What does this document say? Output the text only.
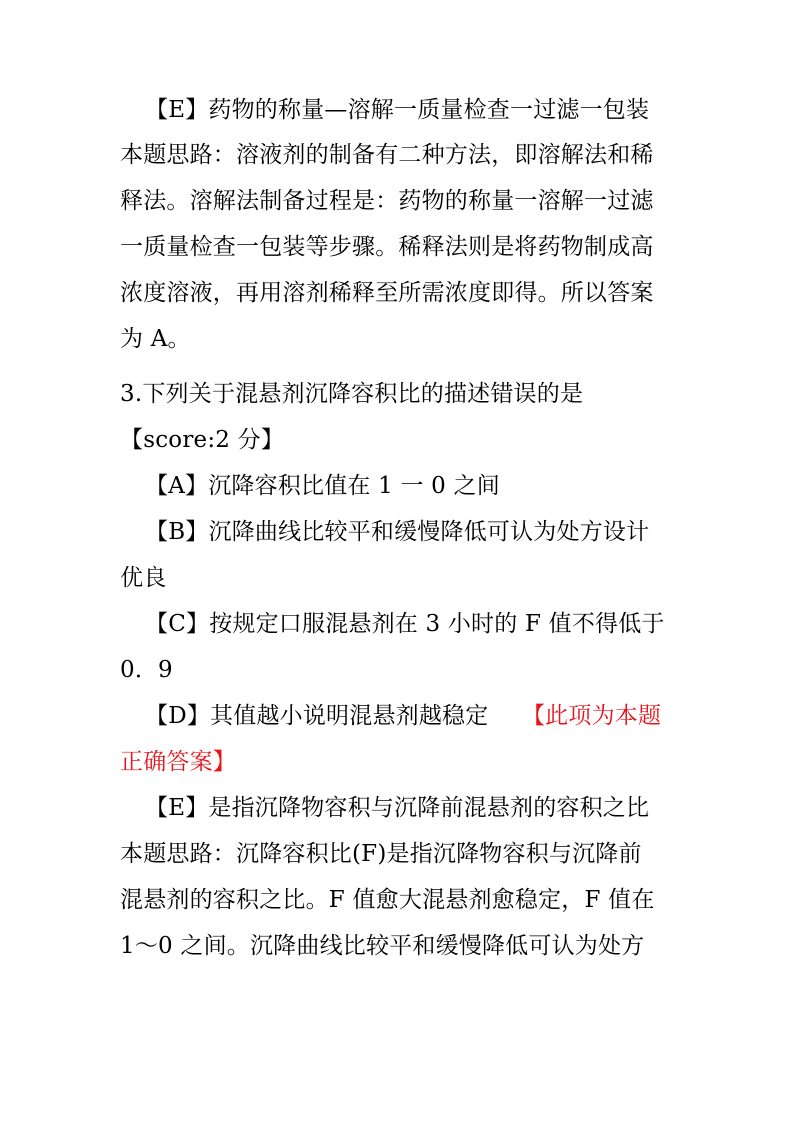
【E】药物的称量—溶解一质量检查一过滤一包装
本题思路：溶液剂的制备有二种方法，即溶解法和稀
释法。溶解法制备过程是：药物的称量一溶解一过滤
一质量检查一包装等步骤。稀释法则是将药物制成高
浓度溶液，再用溶剂稀释至所需浓度即得。所以答案
为 A。
3.下列关于混悬剂沉降容积比的描述错误的是
【score:2 分】
【A】沉降容积比值在 1 一 0 之间
【B】沉降曲线比较平和缓慢降低可认为处方设计
优良
【C】按规定口服混悬剂在 3 小时的 F 值不得低于
0．9
【D】其值越小说明混悬剂越稳定 【此项为本题
正确答案】
【E】是指沉降物容积与沉降前混悬剂的容积之比
本题思路：沉降容积比(F)是指沉降物容积与沉降前
混悬剂的容积之比。F 值愈大混悬剂愈稳定，F 值在
1～0 之间。沉降曲线比较平和缓慢降低可认为处方
